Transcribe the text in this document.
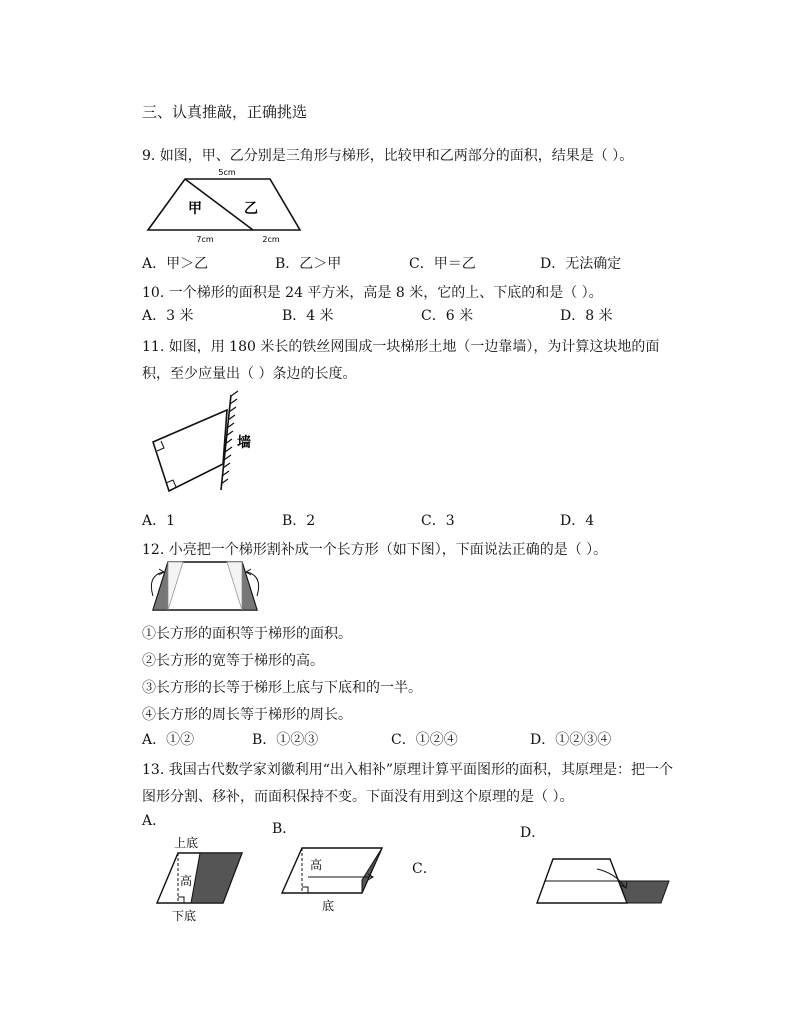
三、认真推敲，正确挑选
9. 如图，甲、乙分别是三角形与梯形，比较甲和乙两部分的面积，结果是（ ）。
5cm
甲	乙
7cm	2cm
A．甲＞乙	B．乙＞甲	C．甲＝乙	D．无法确定
10. 一个梯形的面积是 24 平方米，高是 8 米，它的上、下底的和是（ ）。
A．3 米	B．4 米	C．6 米	D．8 米
11. 如图，用 180 米长的铁丝网围成一块梯形土地（一边靠墙），为计算这块地的面
积，至少应量出（ ）条边的长度。
墙
A．1	B．2	C．3	D．4
12. 小亮把一个梯形割补成一个长方形（如下图），下面说法正确的是（ ）。
①长方形的面积等于梯形的面积。
②长方形的宽等于梯形的高。
③长方形的长等于梯形上底与下底和的一半。
④长方形的周长等于梯形的周长。
A．①②	B．①②③	C．①②④	D．①②③④
13. 我国古代数学家刘徽利用“出入相补”原理计算平面图形的面积，其原理是：把一个
图形分割、移补，而面积保持不变。下面没有用到这个原理的是（ ）。
A．	B．
C．
D．
上底
高
下底
高
底
